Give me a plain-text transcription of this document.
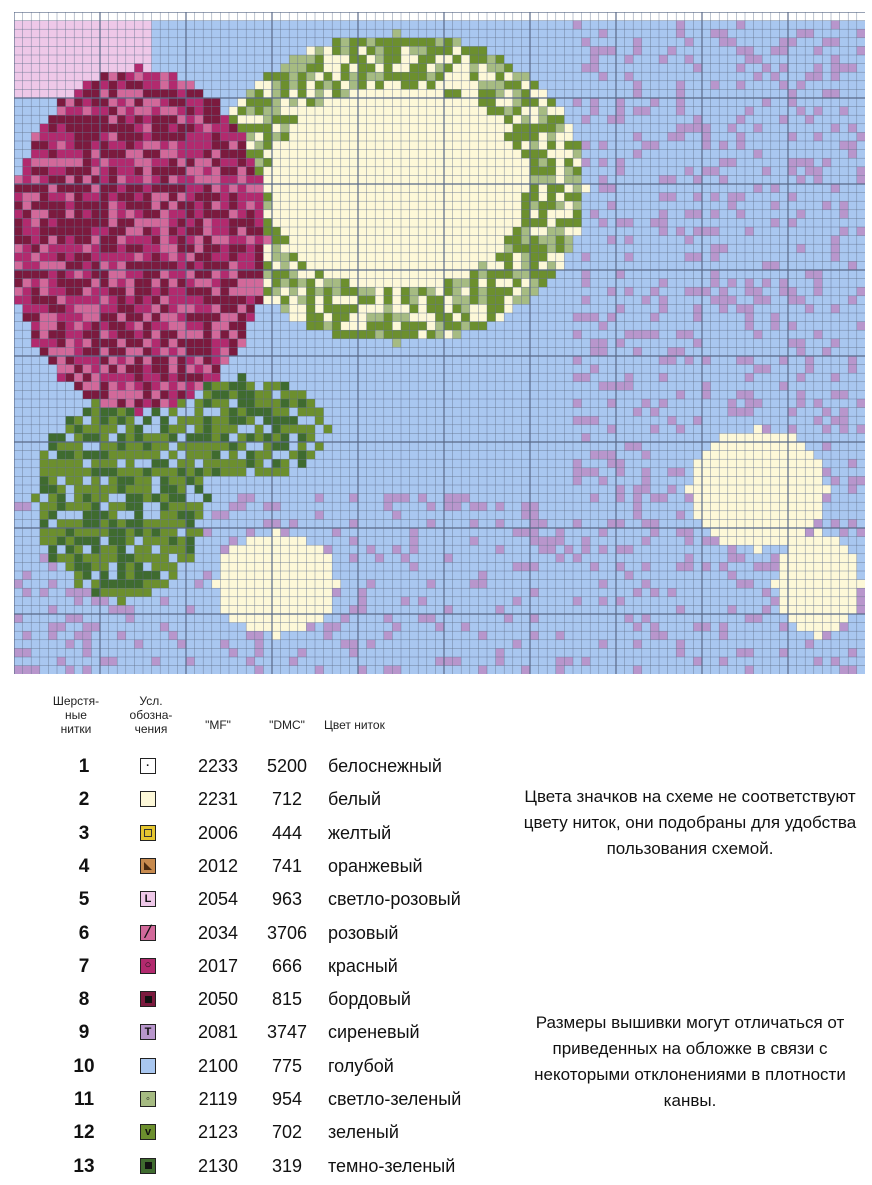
Шерстя-
ные
нитки
Усл.
обозна-
чения	"MF"	"DMC"	Цвет ниток
1	·	2233	5200	белоснежный
2	2231	712	белый
3	2006	444	желтый
4	2012	741	оранжевый
5	L	2054	963	светло-розовый
6	╱	2034	3706	розовый
7	○	2017	666	красный
8	2050	815	бордовый
9	T	2081	3747	сиреневый
10	2100	775	голубой
11	◦	2119	954	светло-зеленый
12	v	2123	702	зеленый
13	2130	319	темно-зеленый
Цвета значков на схеме не соответствуют цвету ниток, они подобраны для удобства пользования схемой.
Размеры вышивки могут отличаться от приведенных на обложке в связи с некоторыми отклонениями в плотности канвы.
